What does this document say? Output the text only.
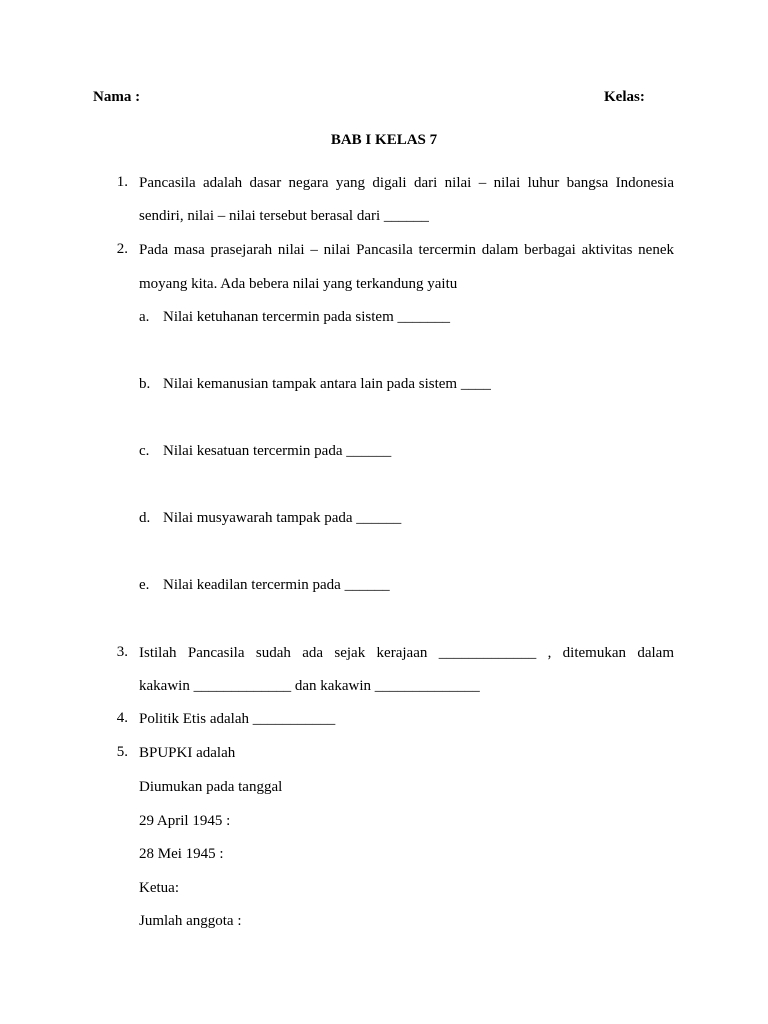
Nama :	Kelas:
BAB I KELAS 7
1. Pancasila adalah dasar negara yang digali dari nilai – nilai luhur bangsa Indonesia
sendiri, nilai – nilai tersebut berasal dari ______
2. Pada masa prasejarah nilai – nilai Pancasila tercermin dalam berbagai aktivitas nenek
moyang kita. Ada bebera nilai yang terkandung yaitu
a. Nilai ketuhanan tercermin pada sistem _______
b. Nilai kemanusian tampak antara lain pada sistem ____
c. Nilai kesatuan tercermin pada ______
d. Nilai musyawarah tampak pada ______
e. Nilai keadilan tercermin pada ______
3. Istilah Pancasila sudah ada sejak kerajaan _____________ , ditemukan dalam
kakawin _____________ dan kakawin ______________
4. Politik Etis adalah ___________
5. BPUPKI adalah
Diumukan pada tanggal
29 April 1945 :
28 Mei 1945 :
Ketua:
Jumlah anggota :
